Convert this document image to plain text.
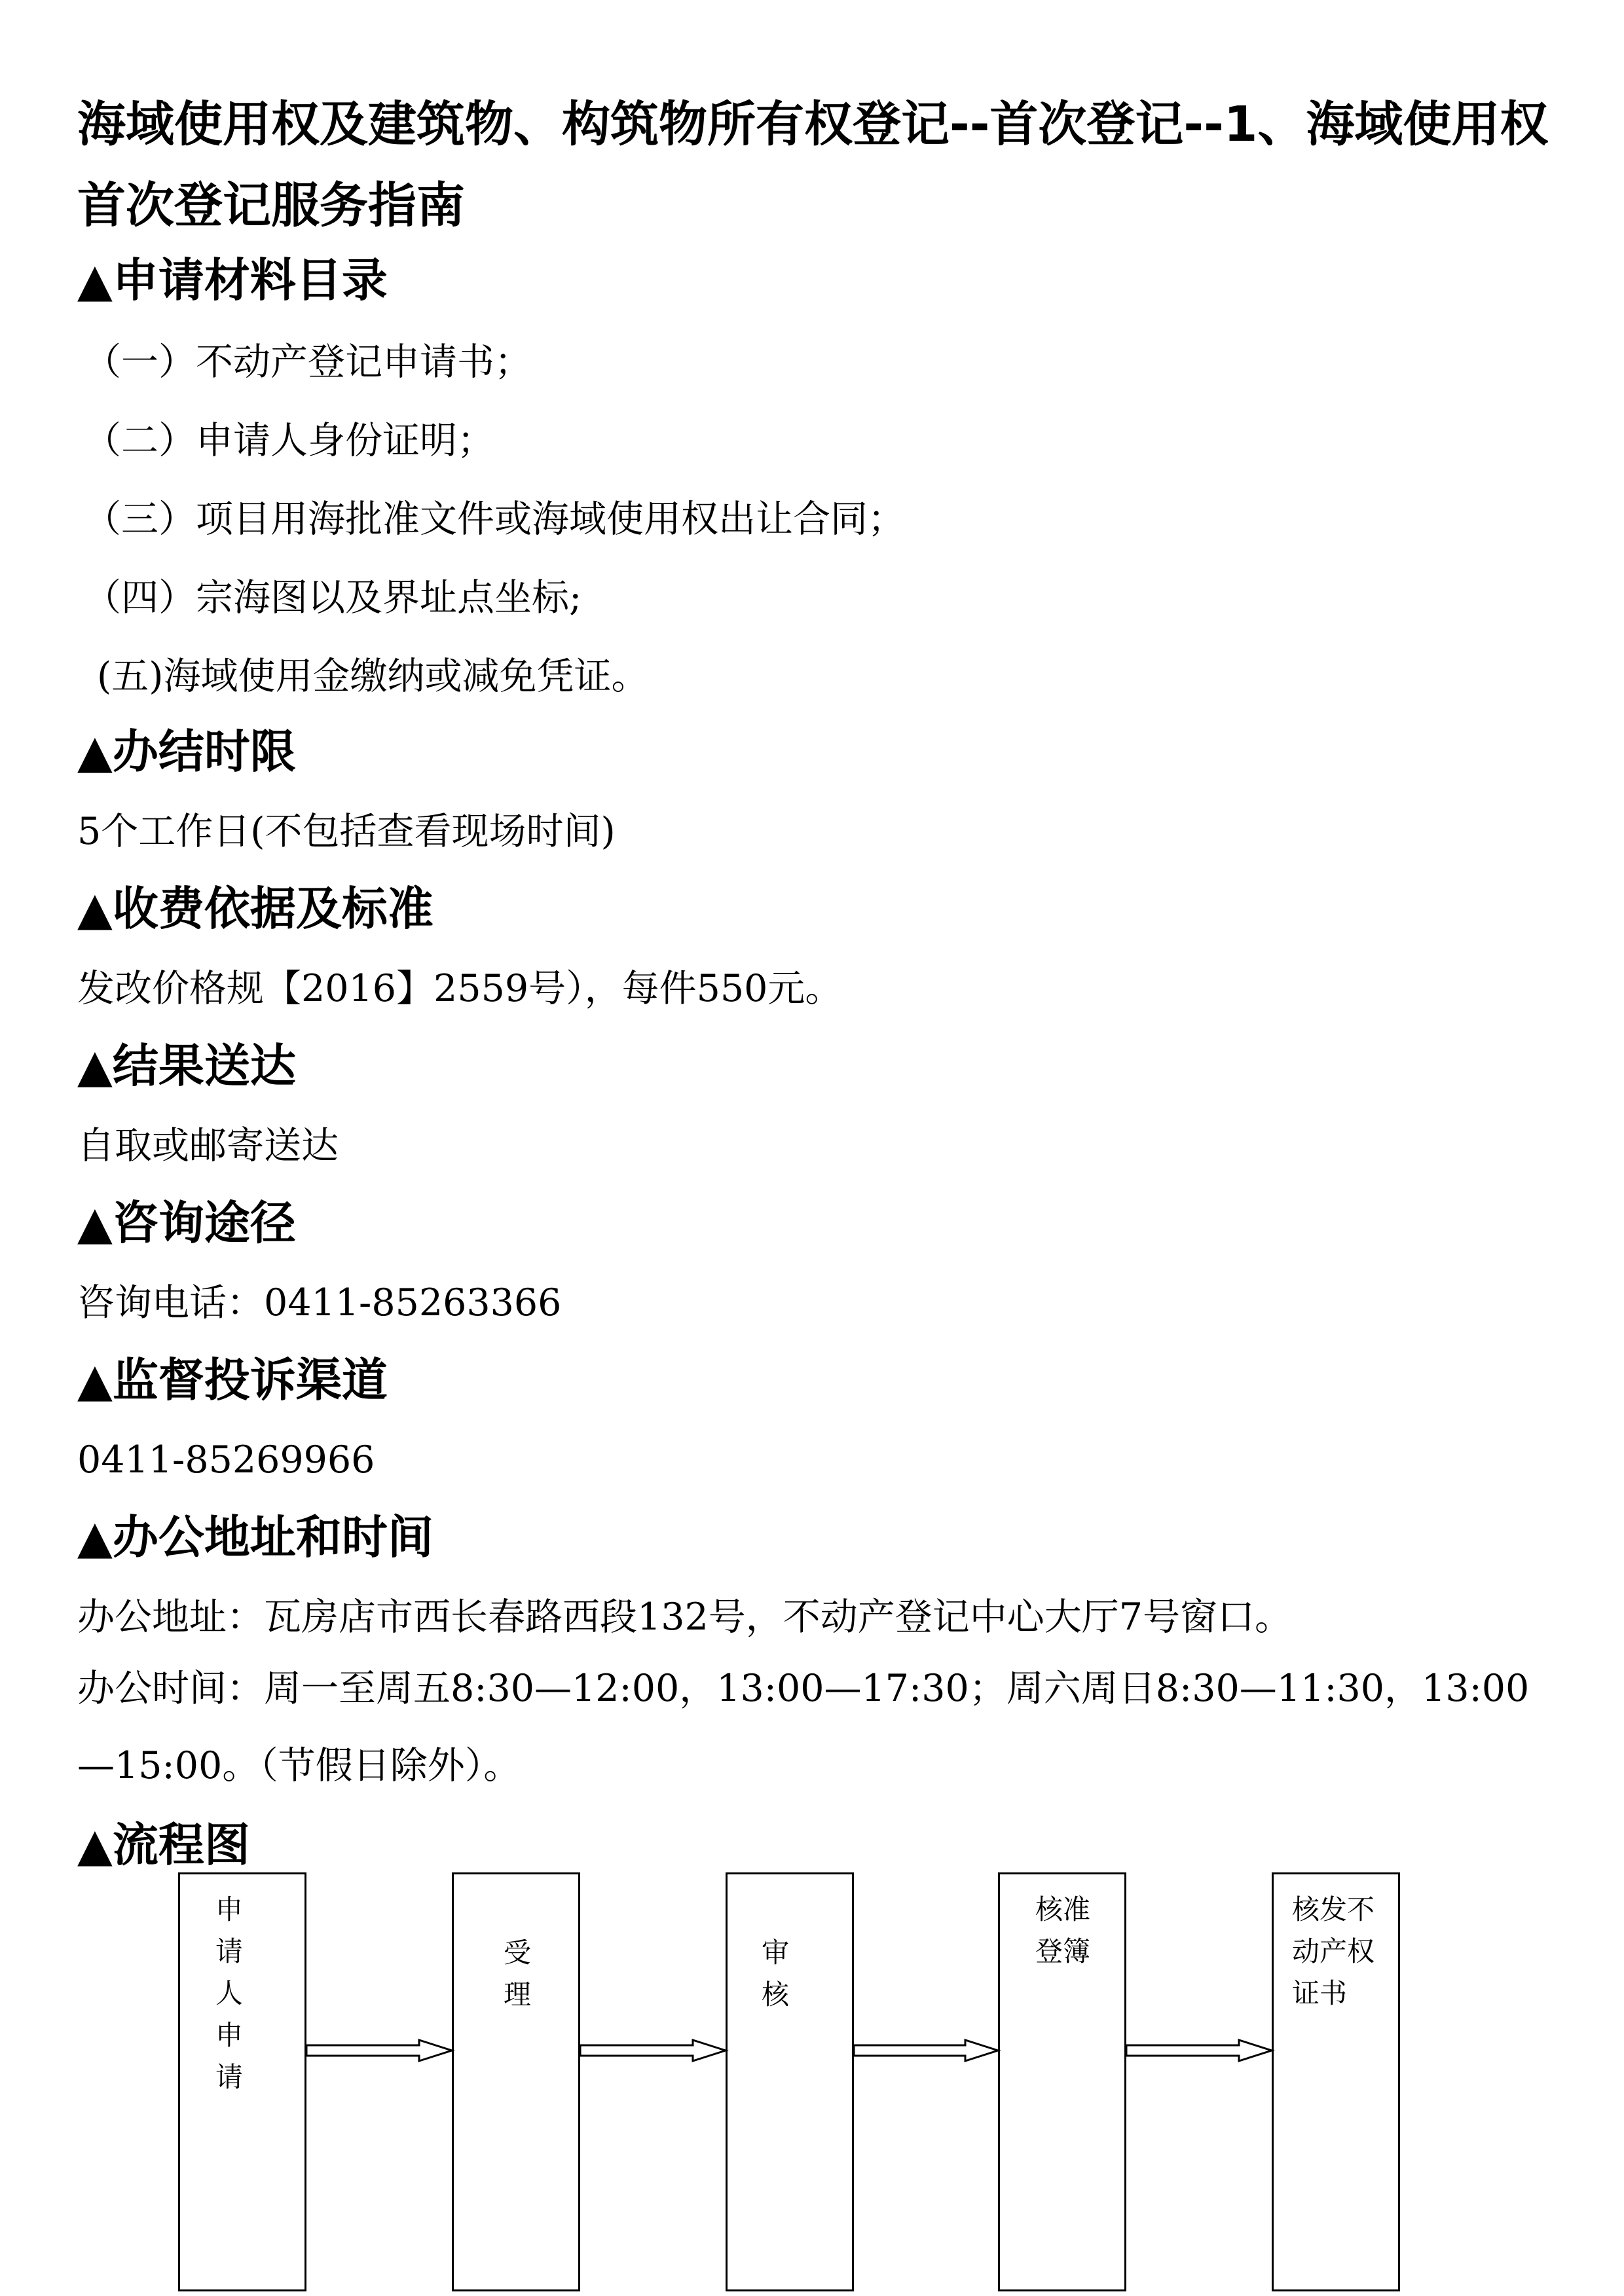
海域使用权及建筑物、构筑物所有权登记--首次登记--1、海域使用权首次登记服务指南

▲申请材料目录

（一）不动产登记申请书；

（二）申请人身份证明；

（三）项目用海批准文件或海域使用权出让合同；

（四）宗海图以及界址点坐标;

(五)海域使用金缴纳或减免凭证。

▲办结时限

5个工作日(不包括查看现场时间)

▲收费依据及标准

发改价格规【2016】2559号），每件550元。

▲结果送达

自取或邮寄送达

▲咨询途径

咨询电话：0411-85263366

▲监督投诉渠道

0411-85269966

▲办公地址和时间

办公地址：瓦房店市西长春路西段132号，不动产登记中心大厅7号窗口。

办公时间：周一至周五8:30—12:00，13:00—17:30；周六周日8:30—11:30，13:00—15:00。（节假日除外）。

▲流程图

申
请
人
申
请
受
理
审
核
核准
登簿
核发不
动产权
证书
